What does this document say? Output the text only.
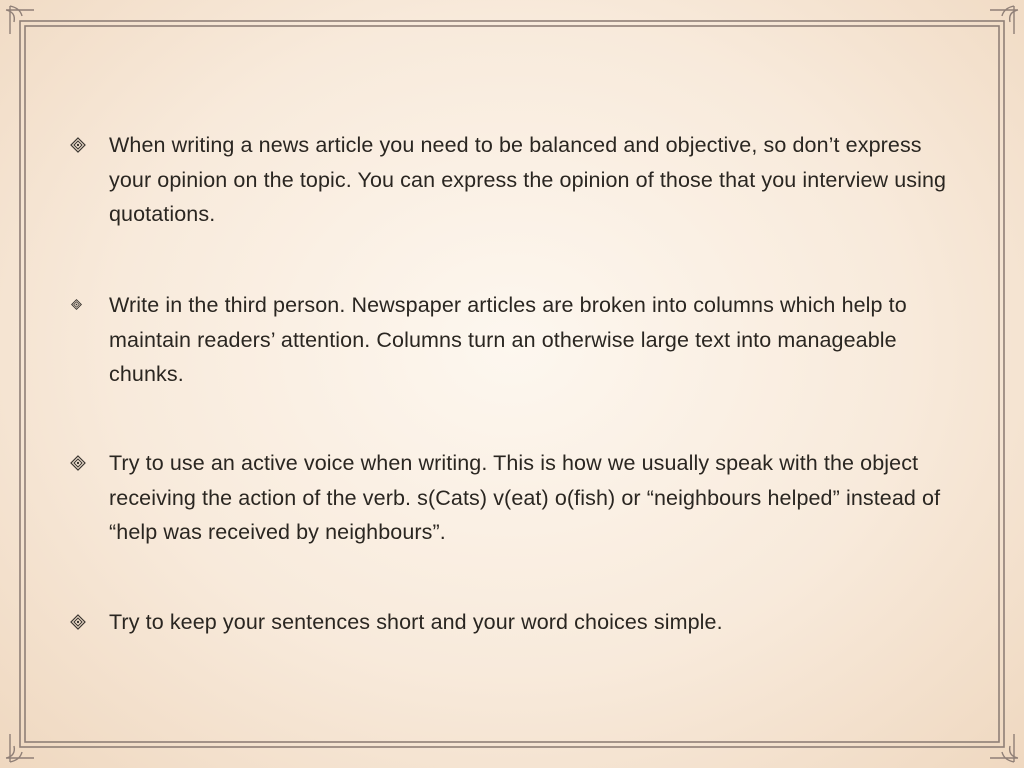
When writing a news article you need to be balanced and objective, so don’t express your opinion on the topic. You can express the opinion of those that you interview using quotations.
Write in the third person. Newspaper articles are broken into columns which help to maintain readers’ attention. Columns turn an otherwise large text into manageable chunks.
Try to use an active voice when writing. This is how we usually speak with the object receiving the action of the verb. s(Cats) v(eat) o(fish) or “neighbours helped” instead of “help was received by neighbours”.
Try to keep your sentences short and your word choices simple.
